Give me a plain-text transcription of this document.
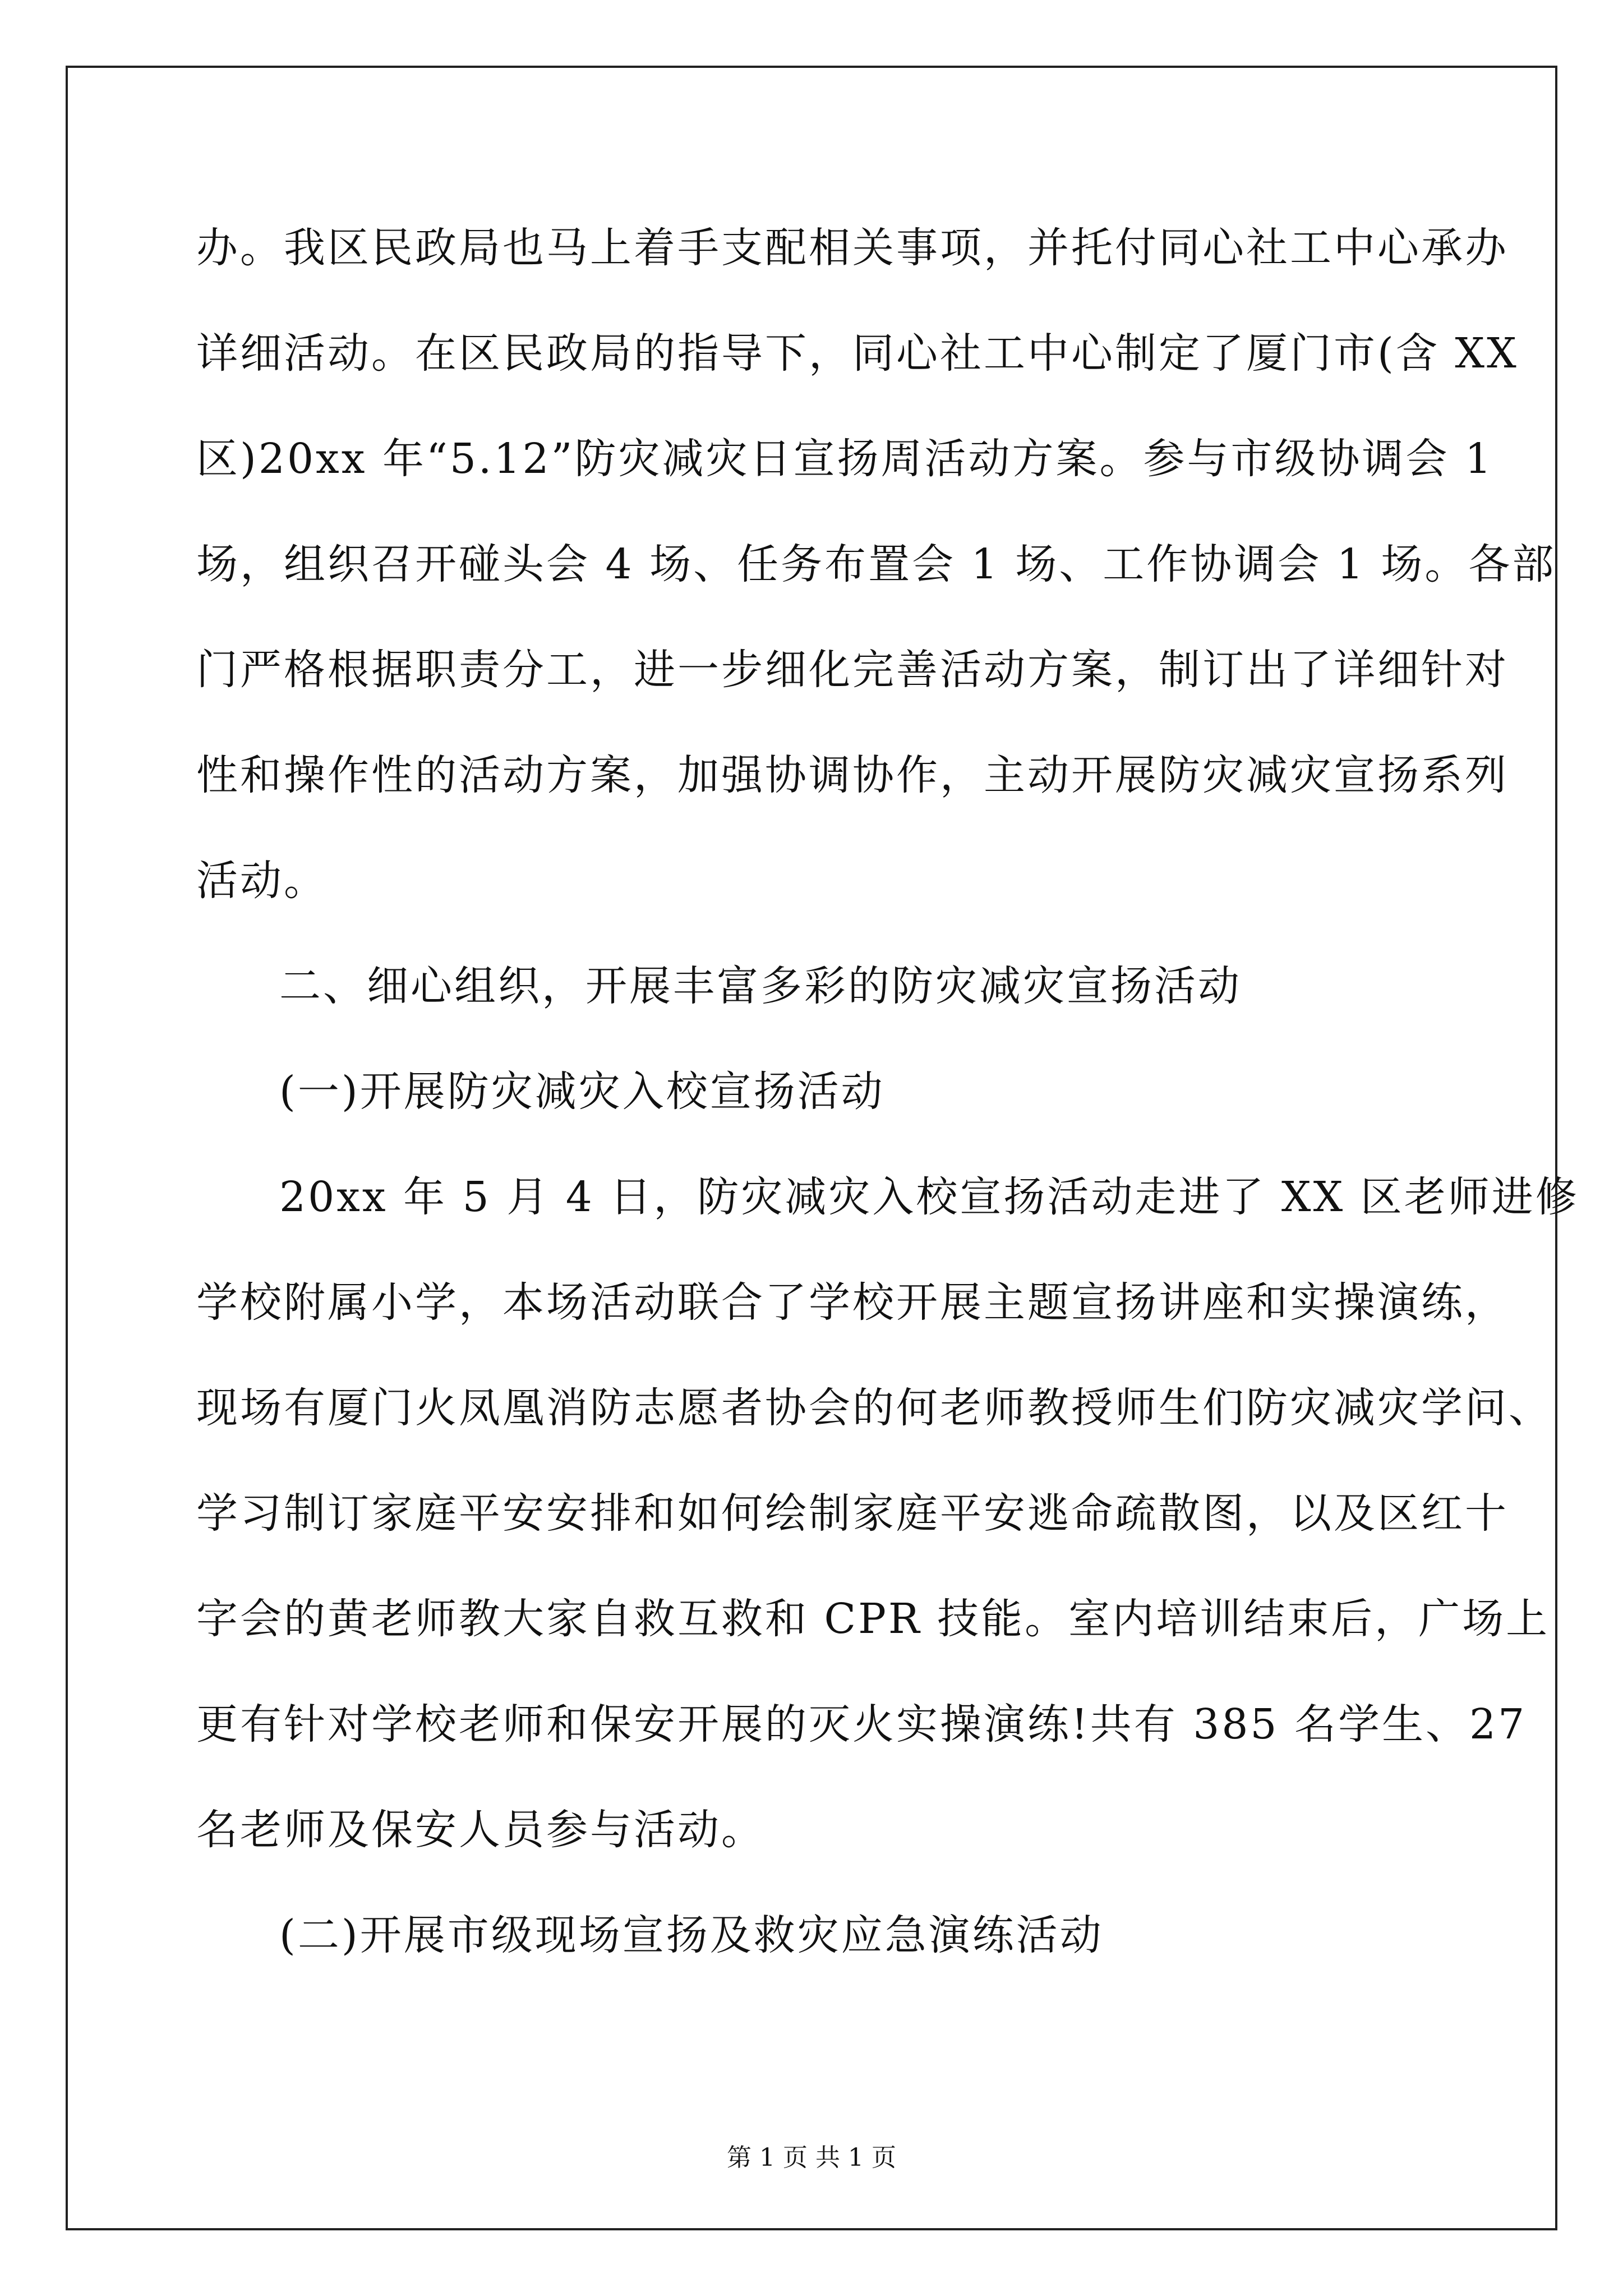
办。我区民政局也马上着手支配相关事项，并托付同心社工中心承办
详细活动。在区民政局的指导下，同心社工中心制定了厦门市(含 XX
区)20xx 年“5.12”防灾减灾日宣扬周活动方案。参与市级协调会 1
场，组织召开碰头会 4 场、任务布置会 1 场、工作协调会 1 场。各部
门严格根据职责分工，进一步细化完善活动方案，制订出了详细针对
性和操作性的活动方案，加强协调协作，主动开展防灾减灾宣扬系列
活动。
二、细心组织，开展丰富多彩的防灾减灾宣扬活动
(一)开展防灾减灾入校宣扬活动
20xx 年 5 月 4 日，防灾减灾入校宣扬活动走进了 XX 区老师进修
学校附属小学，本场活动联合了学校开展主题宣扬讲座和实操演练，
现场有厦门火凤凰消防志愿者协会的何老师教授师生们防灾减灾学问、
学习制订家庭平安安排和如何绘制家庭平安逃命疏散图，以及区红十
字会的黄老师教大家自救互救和 CPR 技能。室内培训结束后，广场上
更有针对学校老师和保安开展的灭火实操演练!共有 385 名学生、27
名老师及保安人员参与活动。
(二)开展市级现场宣扬及救灾应急演练活动
第 1 页 共 1 页
